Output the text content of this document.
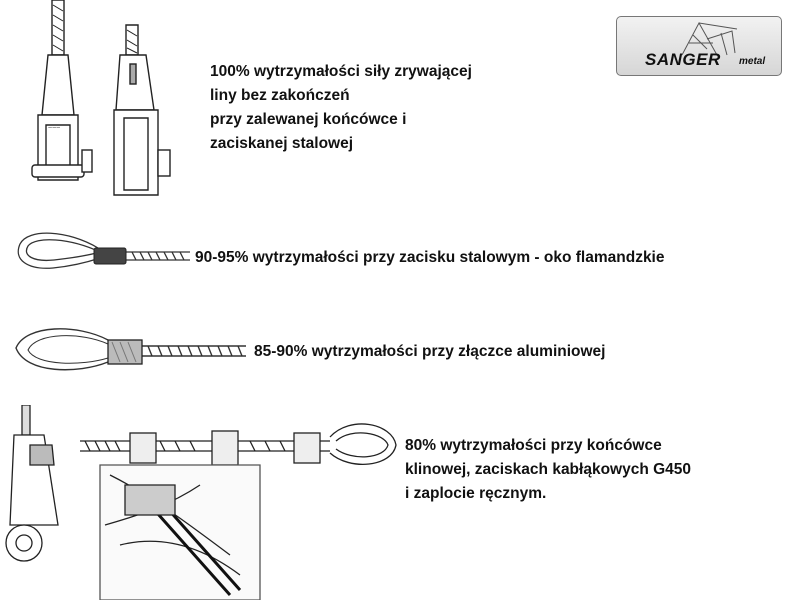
SANGER metal
~~~
100% wytrzymałości siły zrywającej
liny bez zakończeń
przy zalewanej końcówce i
zaciskanej stalowej
90-95% wytrzymałości przy zacisku stalowym - oko flamandzkie
85-90% wytrzymałości przy złączce aluminiowej
80% wytrzymałości przy końcówce
klinowej, zaciskach kabłąkowych G450
i zaplocie ręcznym.
